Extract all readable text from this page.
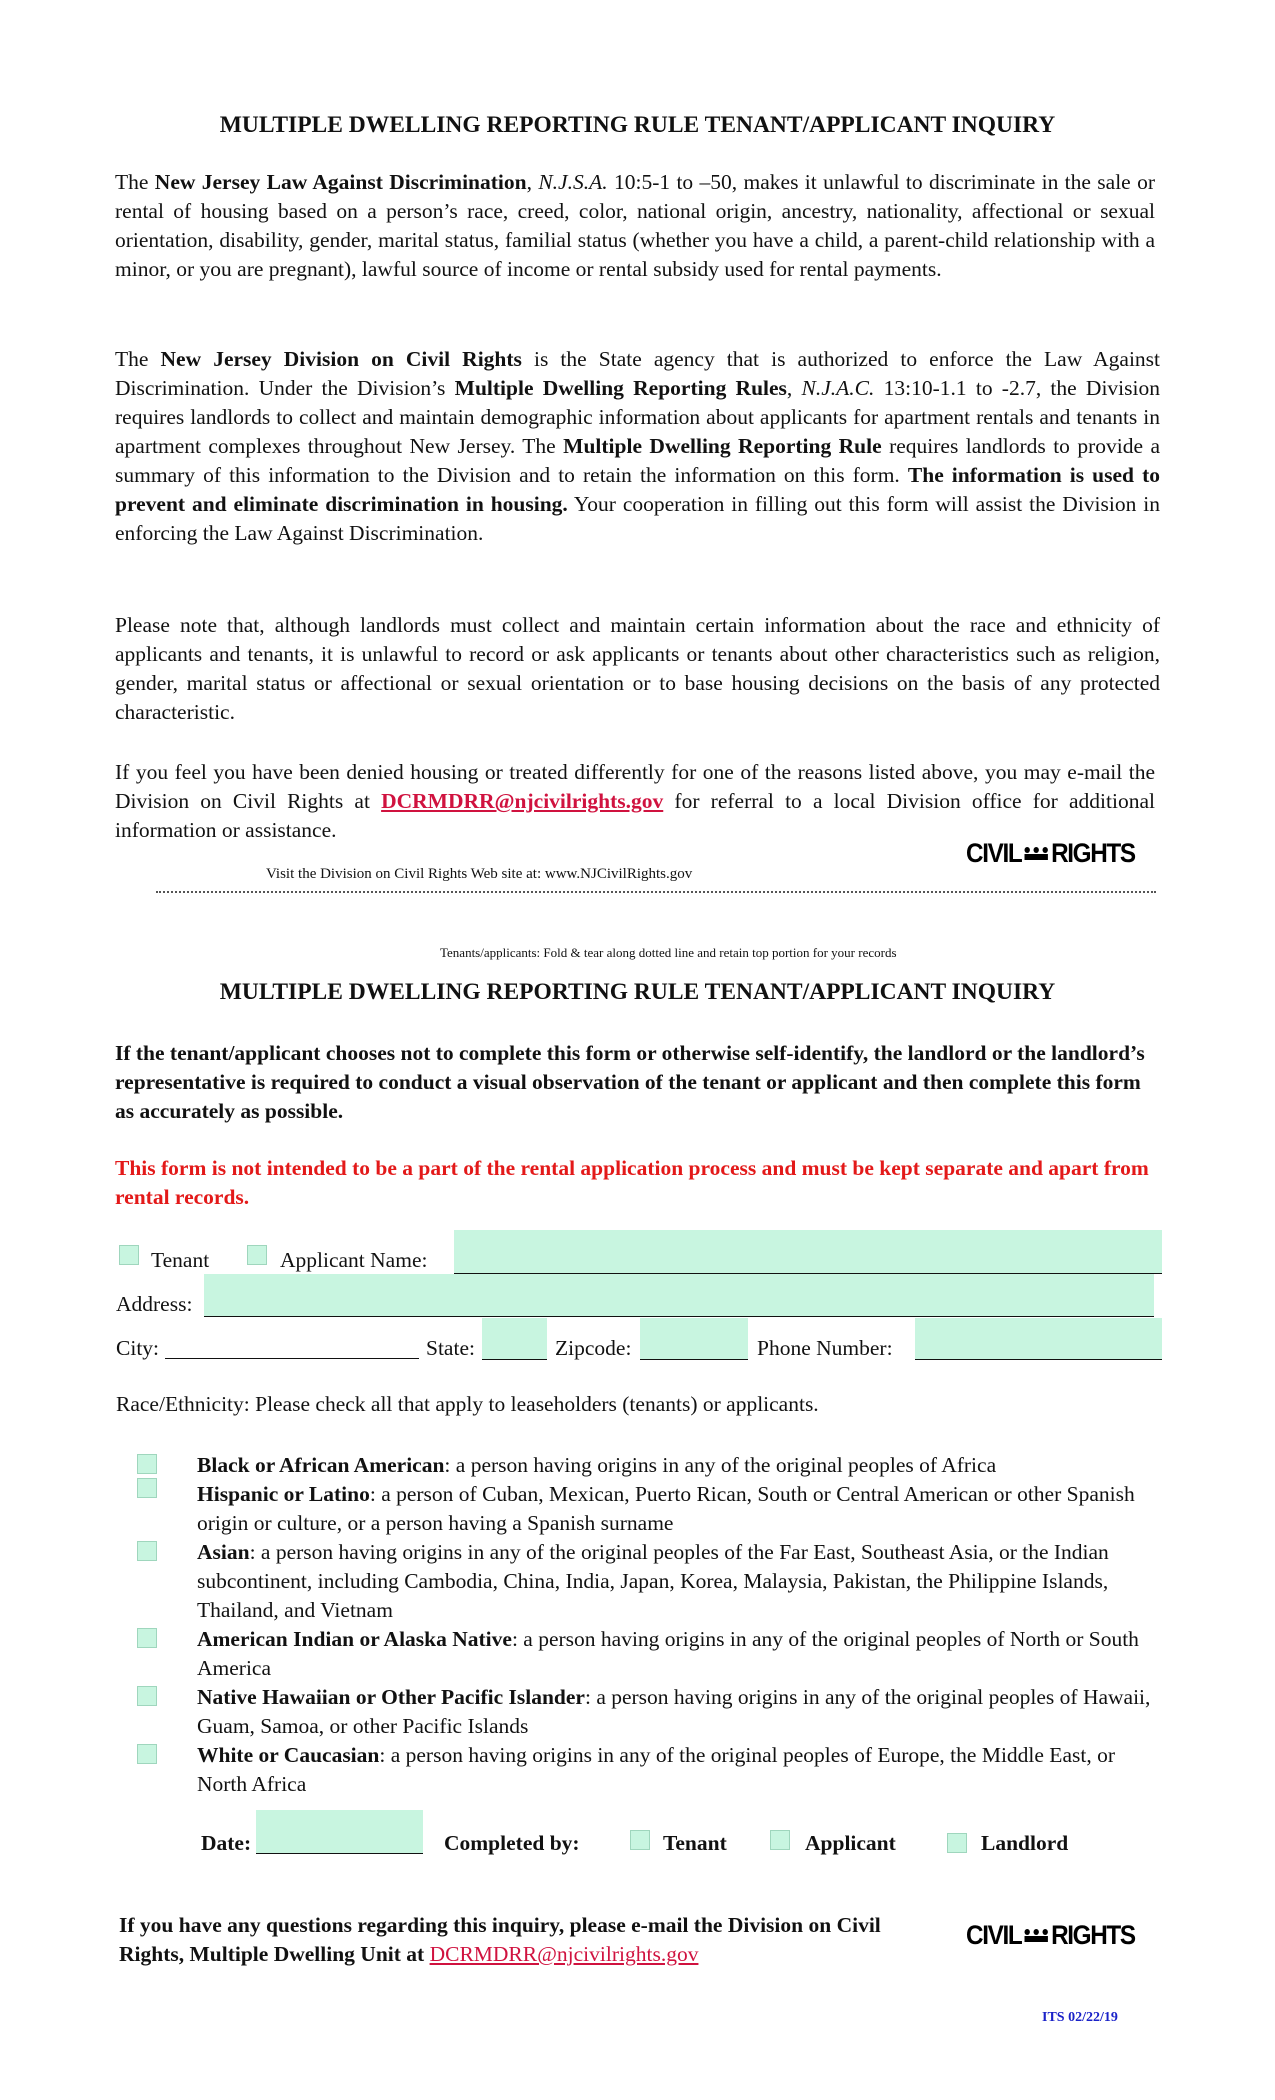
MULTIPLE DWELLING REPORTING RULE TENANT/APPLICANT INQUIRY

The New Jersey Law Against Discrimination, N.J.S.A. 10:5-1 to –50, makes it unlawful to discriminate in the sale or rental of housing based on a person’s race, creed, color, national origin, ancestry, nationality, affectional or sexual orientation, disability, gender, marital status, familial status (whether you have a child, a parent-child relationship with a minor, or you are pregnant), lawful source of income or rental subsidy used for rental payments.

The New Jersey Division on Civil Rights is the State agency that is authorized to enforce the Law Against Discrimination. Under the Division’s Multiple Dwelling Reporting Rules, N.J.A.C. 13:10-1.1 to -2.7, the Division requires landlords to collect and maintain demographic information about applicants for apartment rentals and tenants in apartment complexes throughout New Jersey. The Multiple Dwelling Reporting Rule requires landlords to provide a summary of this information to the Division and to retain the information on this form. The information is used to prevent and eliminate discrimination in housing. Your cooperation in filling out this form will assist the Division in enforcing the Law Against Discrimination.

Please note that, although landlords must collect and maintain certain information about the race and ethnicity of applicants and tenants, it is unlawful to record or ask applicants or tenants about other characteristics such as religion, gender, marital status or affectional or sexual orientation or to base housing decisions on the basis of any protected characteristic.

If you feel you have been denied housing or treated differently for one of the reasons listed above, you may e-mail the Division on Civil Rights at DCRMDRR@njcivilrights.gov for referral to a local Division office for additional information or assistance.

Visit the Division on Civil Rights Web site at: www.NJCivilRights.gov
CIVIL RIGHTS
Tenants/applicants: Fold & tear along dotted line and retain top portion for your records
MULTIPLE DWELLING REPORTING RULE TENANT/APPLICANT INQUIRY

If the tenant/applicant chooses not to complete this form or otherwise self-identify, the landlord or the landlord’s representative is required to conduct a visual observation of the tenant or applicant and then complete this form as accurately as possible.

This form is not intended to be a part of the rental application process and must be kept separate and apart from rental records.

Tenant	Applicant Name:
Address:
City:	State:	Zipcode:	Phone Number:

Race/Ethnicity: Please check all that apply to leaseholders (tenants) or applicants.

Black or African American: a person having origins in any of the original peoples of Africa

Hispanic or Latino: a person of Cuban, Mexican, Puerto Rican, South or Central American or other Spanish origin or culture, or a person having a Spanish surname

Asian: a person having origins in any of the original peoples of the Far East, Southeast Asia, or the Indian subcontinent, including Cambodia, China, India, Japan, Korea, Malaysia, Pakistan, the Philippine Islands, Thailand, and Vietnam

American Indian or Alaska Native: a person having origins in any of the original peoples of North or South America

Native Hawaiian or Other Pacific Islander: a person having origins in any of the original peoples of Hawaii, Guam, Samoa, or other Pacific Islands

White or Caucasian: a person having origins in any of the original peoples of Europe, the Middle East, or North Africa

Date:	Completed by:	Tenant	Applicant	Landlord

If you have any questions regarding this inquiry, please e-mail the Division on Civil Rights, Multiple Dwelling Unit at DCRMDRR@njcivilrights.gov

CIVIL RIGHTS
ITS 02/22/19
